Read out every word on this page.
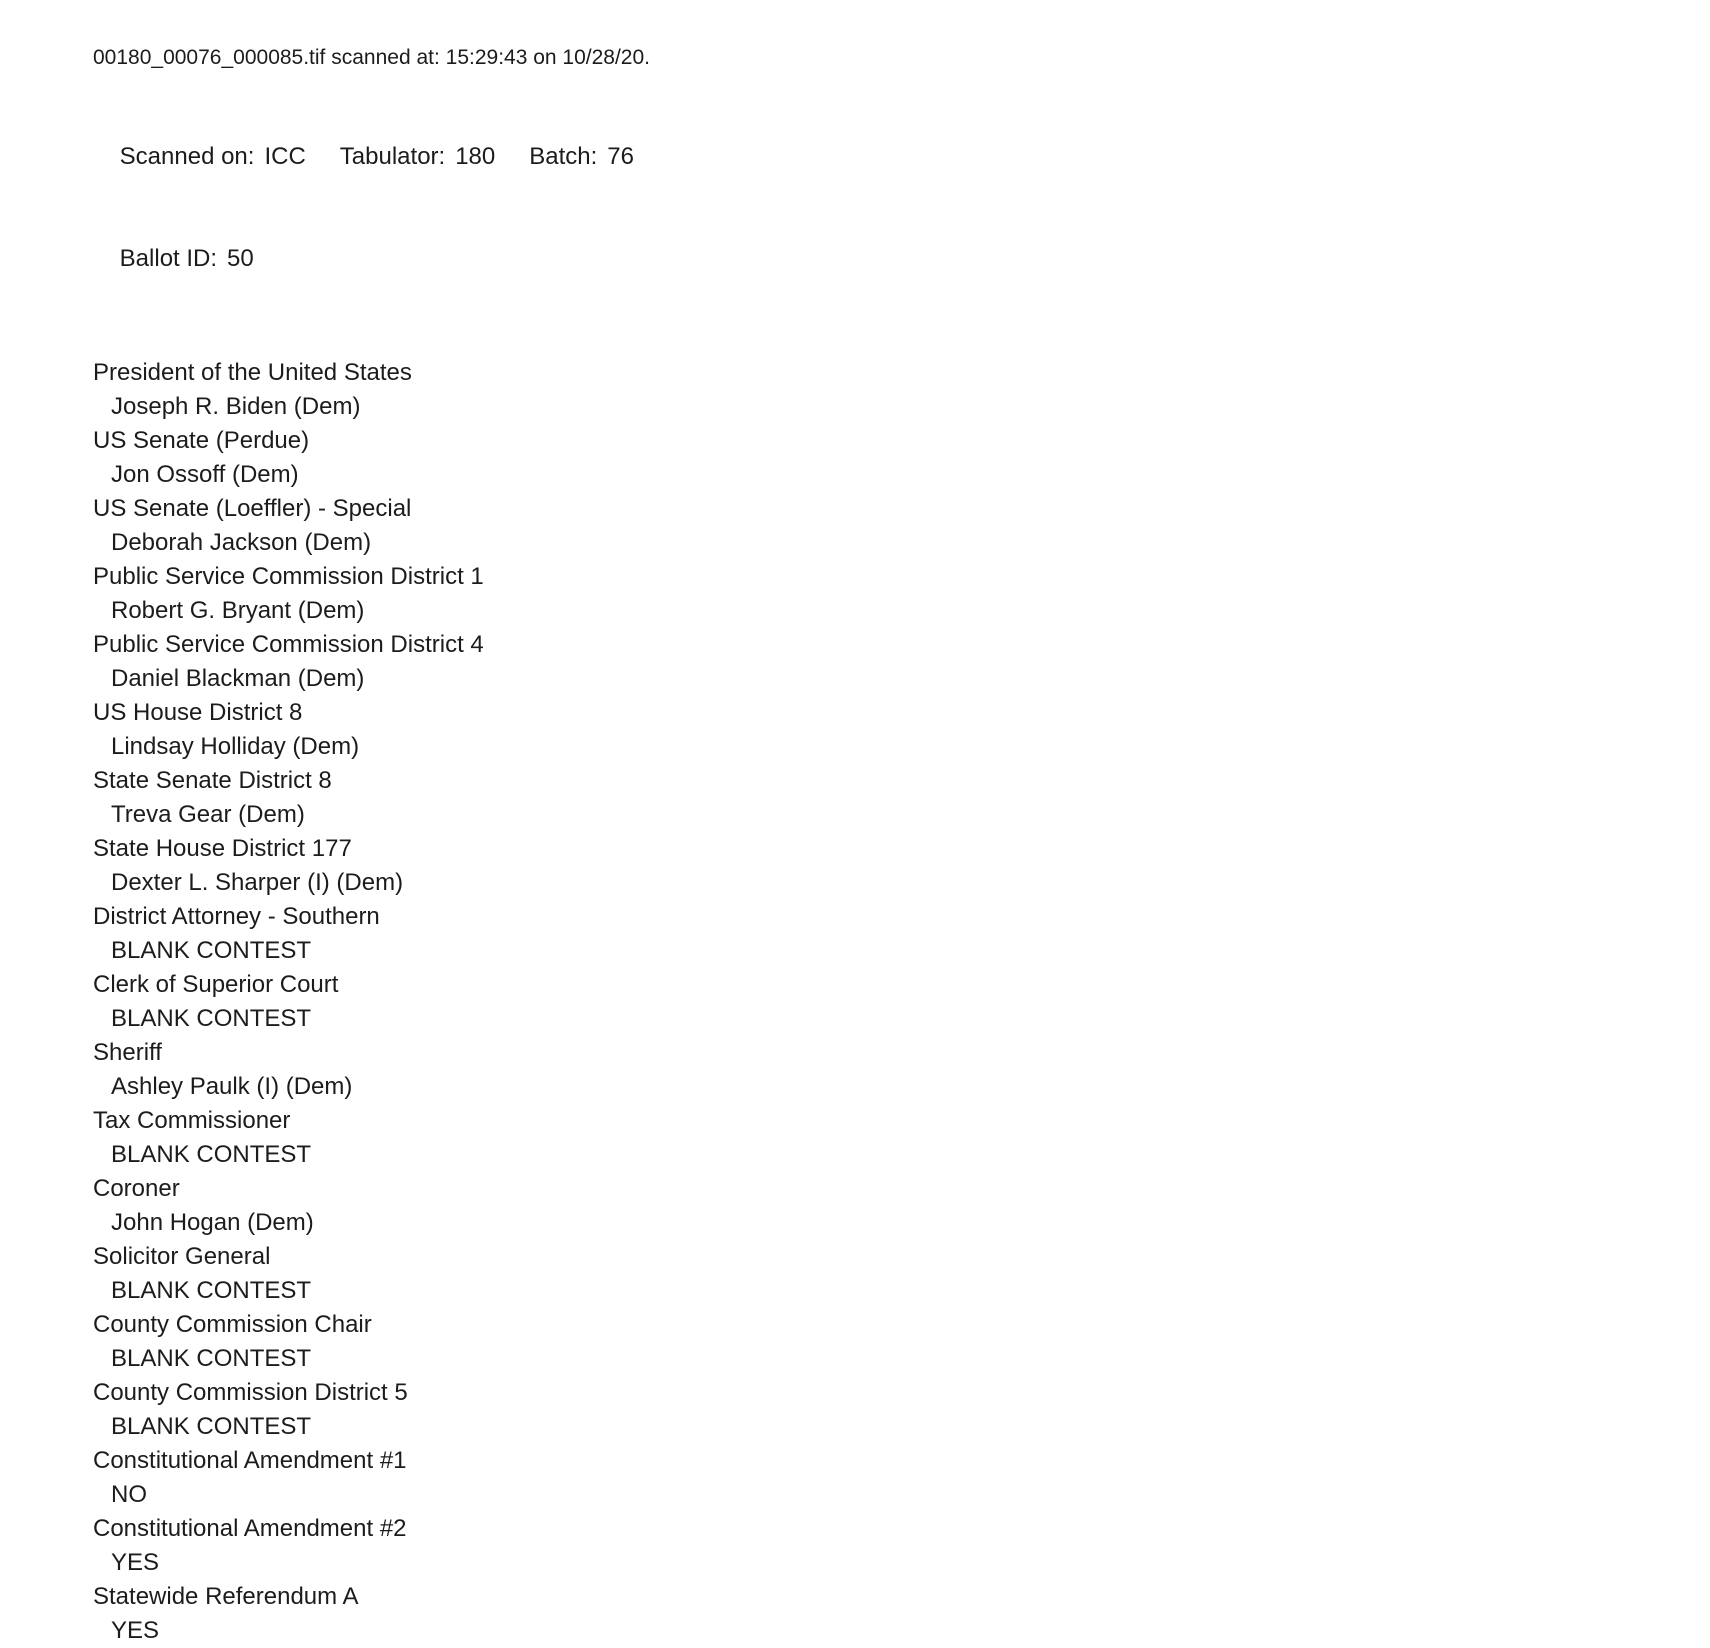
00180_00076_000085.tif scanned at: 15:29:43 on 10/28/20.

Scanned on: ICC Tabulator: 180 Batch: 76

Ballot ID: 50

President of the United States
Joseph R. Biden (Dem)
US Senate (Perdue)
Jon Ossoff (Dem)
US Senate (Loeffler) - Special
Deborah Jackson (Dem)
Public Service Commission District 1
Robert G. Bryant (Dem)
Public Service Commission District 4
Daniel Blackman (Dem)
US House District 8
Lindsay Holliday (Dem)
State Senate District 8
Treva Gear (Dem)
State House District 177
Dexter L. Sharper (I) (Dem)
District Attorney - Southern
BLANK CONTEST
Clerk of Superior Court
BLANK CONTEST
Sheriff
Ashley Paulk (I) (Dem)
Tax Commissioner
BLANK CONTEST
Coroner
John Hogan (Dem)
Solicitor General
BLANK CONTEST
County Commission Chair
BLANK CONTEST
County Commission District 5
BLANK CONTEST
Constitutional Amendment #1
NO
Constitutional Amendment #2
YES
Statewide Referendum A
YES
